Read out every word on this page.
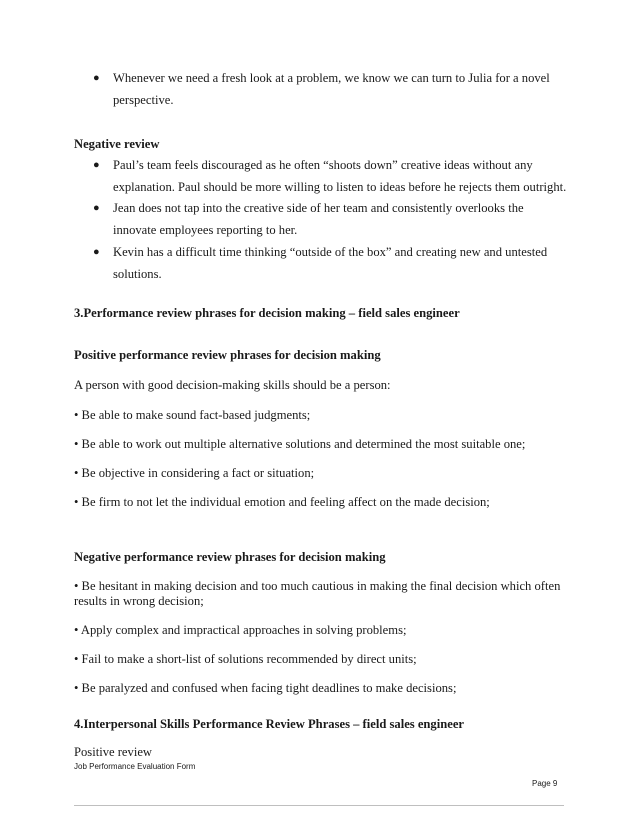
● Whenever we need a fresh look at a problem, we know we can turn to Julia for a novel
perspective.
Negative review
● Paul’s team feels discouraged as he often “shoots down” creative ideas without any
explanation. Paul should be more willing to listen to ideas before he rejects them outright.
● Jean does not tap into the creative side of her team and consistently overlooks the
innovate employees reporting to her.
● Kevin has a difficult time thinking “outside of the box” and creating new and untested
solutions.
3.Performance review phrases for decision making – field sales engineer
Positive performance review phrases for decision making
A person with good decision-making skills should be a person:
• Be able to make sound fact-based judgments;
• Be able to work out multiple alternative solutions and determined the most suitable one;
• Be objective in considering a fact or situation;
• Be firm to not let the individual emotion and feeling affect on the made decision;
Negative performance review phrases for decision making
• Be hesitant in making decision and too much cautious in making the final decision which often
results in wrong decision;
• Apply complex and impractical approaches in solving problems;
• Fail to make a short-list of solutions recommended by direct units;
• Be paralyzed and confused when facing tight deadlines to make decisions;
4.Interpersonal Skills Performance Review Phrases – field sales engineer
Positive review
Job Performance Evaluation Form
Page 9
